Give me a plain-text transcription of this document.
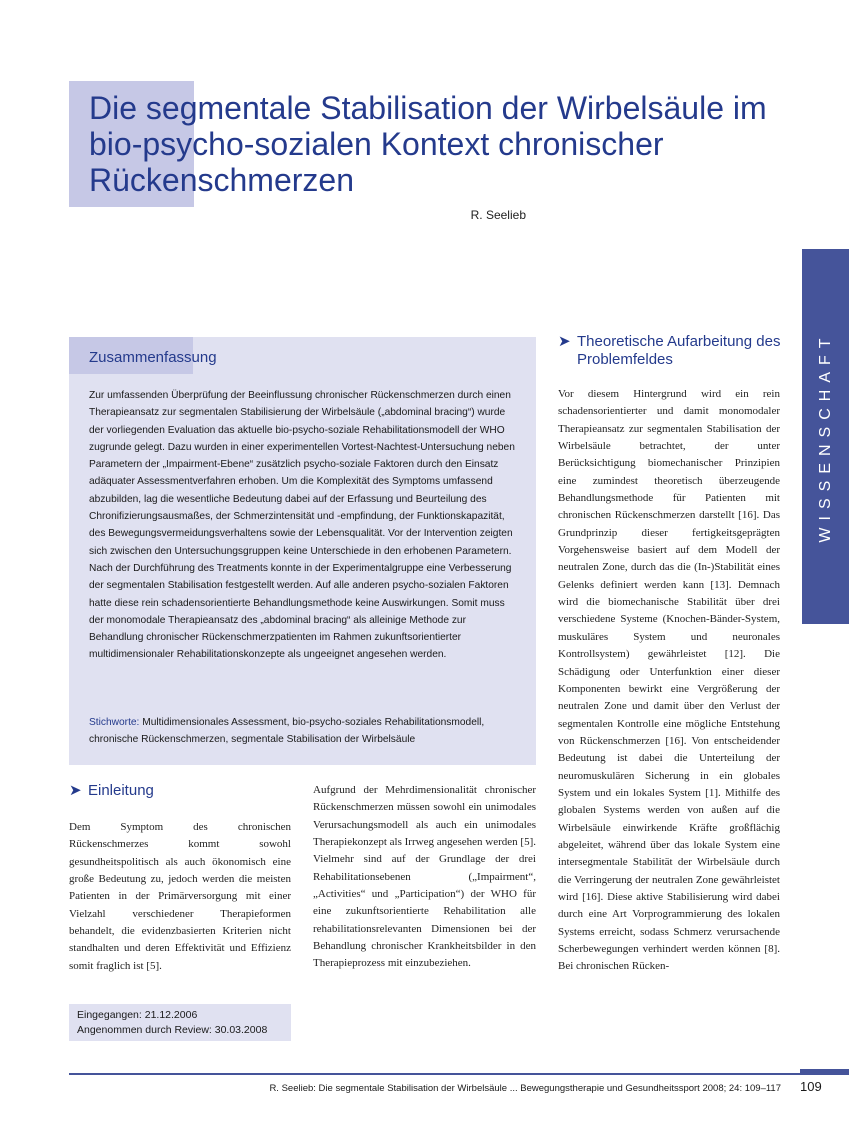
Die segmentale Stabilisation der Wirbelsäule im bio-psycho-sozialen Kontext chronischer Rückenschmerzen
R. Seelieb
WISSENSCHAFT
Zusammenfassung

Zur umfassenden Überprüfung der Beeinflussung chronischer Rückenschmerzen durch einen Therapieansatz zur segmentalen Stabilisierung der Wirbelsäule („abdominal bracing“) wurde der vorliegenden Evaluation das aktuelle bio-psycho-soziale Rehabilitationsmodell der WHO zugrunde gelegt. Dazu wurden in einer experimentellen Vortest-Nachtest-Untersuchung neben Parametern der „Impairment-Ebene“ zusätzlich psycho-soziale Faktoren durch den Einsatz adäquater Assessmentverfahren erhoben. Um die Komplexität des Symptoms umfassend abzubilden, lag die wesentliche Bedeutung dabei auf der Erfassung und Beurteilung des Chronifizierungsausmaßes, der Schmerzintensität und -empfindung, der Funktionskapazität, des Bewegungsvermeidungsverhaltens sowie der Lebensqualität. Vor der Intervention zeigten sich zwischen den Untersuchungsgruppen keine Unterschiede in den erhobenen Parametern. Nach der Durchführung des Treatments konnte in der Experimentalgruppe eine Verbesserung der segmentalen Stabilisation festgestellt werden. Auf alle anderen psycho-sozialen Faktoren hatte diese rein schadensorientierte Behandlungsmethode keine Auswirkungen. Somit muss der monomodale Therapieansatz des „abdominal bracing“ als alleinige Methode zur Behandlung chronischer Rückenschmerzpatienten im Rahmen zukunftsorientierter multidimensionaler Rehabilitationskonzepte als ungeeignet angesehen werden.

Stichworte: Multidimensionales Assessment, bio-psycho-soziales Rehabilitationsmodell, chronische Rückenschmerzen, segmentale Stabilisation der Wirbelsäule

➤ Einleitung

Dem Symptom des chronischen Rückenschmerzes kommt sowohl gesundheitspolitisch als auch ökonomisch eine große Bedeutung zu, jedoch werden die meisten Patienten in der Primärversorgung mit einer Vielzahl verschiedener Therapieformen behandelt, die evidenzbasierten Kriterien nicht standhalten und deren Effektivität und Effizienz somit fraglich ist [5].

Aufgrund der Mehrdimensionalität chronischer Rückenschmerzen müssen sowohl ein unimodales Verursachungsmodell als auch ein unimodales Therapiekonzept als Irrweg angesehen werden [5]. Vielmehr sind auf der Grundlage der drei Rehabilitationsebenen („Impairment“, „Activities“ und „Participation“) der WHO für eine zukunftsorientierte Rehabilitation alle rehabilitationsrelevanten Dimensionen bei der Behandlung chronischer Krankheitsbilder in den Therapieprozess mit einzubeziehen.

➤ Theoretische Aufarbeitung des Problemfeldes

Vor diesem Hintergrund wird ein rein schadensorientierter und damit monomodaler Therapieansatz zur segmentalen Stabilisation der Wirbelsäule betrachtet, der unter Berücksichtigung biomechanischer Prinzipien eine zumindest theoretisch überzeugende Behandlungsmethode für Patienten mit chronischen Rückenschmerzen darstellt [16]. Das Grundprinzip dieser fertigkeitsgeprägten Vorgehensweise basiert auf dem Modell der neutralen Zone, durch das die (In-)Stabilität eines Gelenks definiert werden kann [13]. Demnach wird die biomechanische Stabilität über drei verschiedene Systeme (Knochen-Bänder-System, muskuläres System und neuronales Kontrollsystem) gewährleistet [12]. Die Schädigung oder Unterfunktion einer dieser Komponenten bewirkt eine Vergrößerung der neutralen Zone und damit über den Verlust der segmentalen Kontrolle eine mögliche Entstehung von Rückenschmerzen [16]. Von entscheidender Bedeutung ist dabei die Unterteilung der neuromuskulären Sicherung in ein globales System und ein lokales System [1]. Mithilfe des globalen Systems werden von außen auf die Wirbelsäule einwirkende Kräfte großflächig abgeleitet, während über das lokale System eine intersegmentale Stabilität der Wirbelsäule durch die Verringerung der neutralen Zone gewährleistet wird [16]. Diese aktive Stabilisierung wird dabei durch eine Art Vorprogrammierung des lokalen Systems erreicht, sodass Schmerz verursachende Scherbewegungen verhindert werden können [8]. Bei chronischen Rücken-

Eingegangen: 21.12.2006
Angenommen durch Review: 30.03.2008
R. Seelieb: Die segmentale Stabilisation der Wirbelsäule ... Bewegungstherapie und Gesundheitssport 2008; 24: 109–117 109
